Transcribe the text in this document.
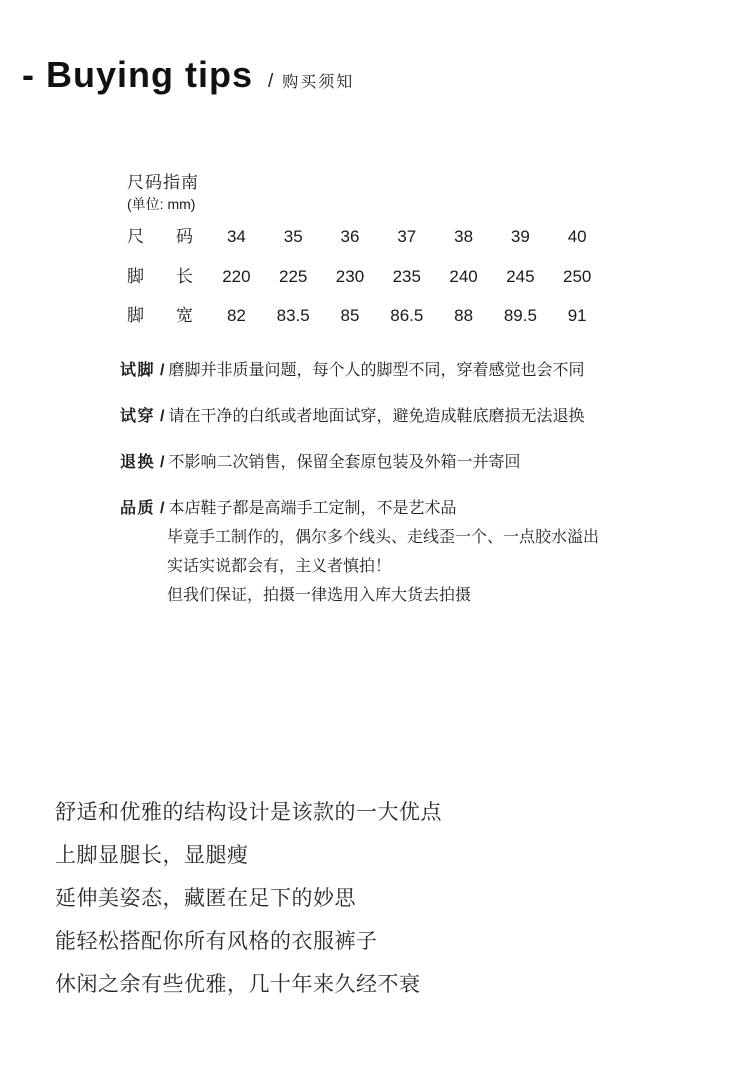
- Buying tips / 购买须知
尺码指南
(单位: mm)
尺 码	34	35	36	37	38	39	40
脚 长	220	225	230	235	240	245	250
脚 宽	82	83.5	85	86.5	88	89.5	91
试脚 / 磨脚并非质量问题，每个人的脚型不同，穿着感觉也会不同
试穿 / 请在干净的白纸或者地面试穿，避免造成鞋底磨损无法退换
退换 / 不影响二次销售，保留全套原包装及外箱一并寄回
品质 / 本店鞋子都是高端手工定制，不是艺术品
毕竟手工制作的，偶尔多个线头、走线歪一个、一点胶水溢出
实话实说都会有，主义者慎拍！
但我们保证，拍摄一律选用入库大货去拍摄
舒适和优雅的结构设计是该款的一大优点
上脚显腿长，显腿瘦
延伸美姿态，藏匿在足下的妙思
能轻松搭配你所有风格的衣服裤子
休闲之余有些优雅，几十年来久经不衰
